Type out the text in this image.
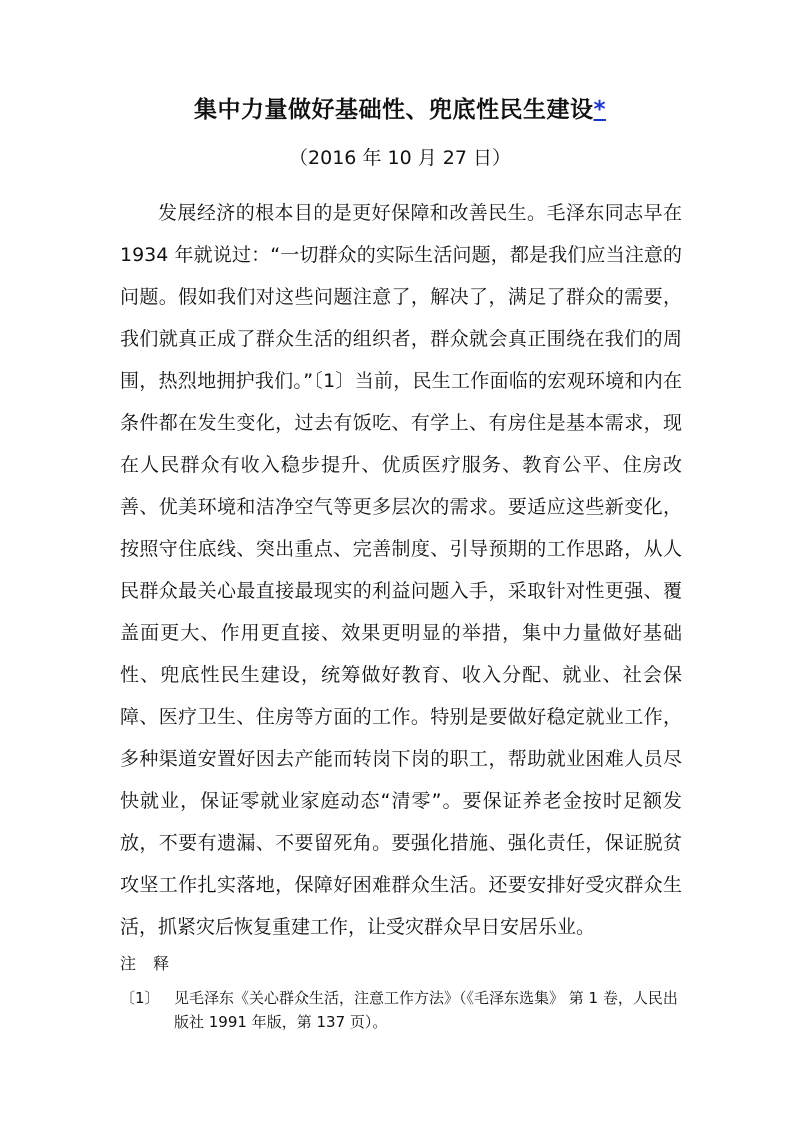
集中力量做好基础性、兜底性民生建设*
（2016 年 10 月 27 日）

发展经济的根本目的是更好保障和改善民生。毛泽东同志早在 1934 年就说过：“一切群众的实际生活问题，都是我们应当注意的问题。假如我们对这些问题注意了，解决了，满足了群众的需要，我们就真正成了群众生活的组织者，群众就会真正围绕在我们的周围，热烈地拥护我们。”〔1〕当前，民生工作面临的宏观环境和内在条件都在发生变化，过去有饭吃、有学上、有房住是基本需求，现在人民群众有收入稳步提升、优质医疗服务、教育公平、住房改善、优美环境和洁净空气等更多层次的需求。要适应这些新变化，按照守住底线、突出重点、完善制度、引导预期的工作思路，从人民群众最关心最直接最现实的利益问题入手，采取针对性更强、覆盖面更大、作用更直接、效果更明显的举措，集中力量做好基础性、兜底性民生建设，统筹做好教育、收入分配、就业、社会保障、医疗卫生、住房等方面的工作。特别是要做好稳定就业工作，多种渠道安置好因去产能而转岗下岗的职工，帮助就业困难人员尽快就业，保证零就业家庭动态“清零”。要保证养老金按时足额发放，不要有遗漏、不要留死角。要强化措施、强化责任，保证脱贫攻坚工作扎实落地，保障好困难群众生活。还要安排好受灾群众生活，抓紧灾后恢复重建工作，让受灾群众早日安居乐业。

注 释
〔1〕 见毛泽东《关心群众生活，注意工作方法》（《毛泽东选集》 第 1 卷，人民出版社 1991 年版，第 137 页）。
